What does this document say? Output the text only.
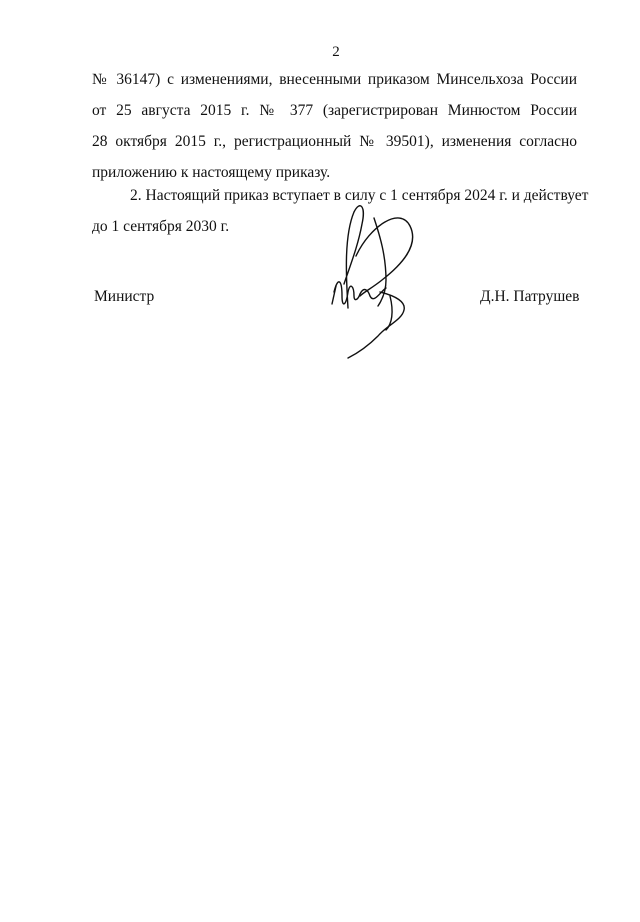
2
№ 36147) с изменениями, внесенными приказом Минсельхоза России
от 25 августа 2015 г. № 377 (зарегистрирован Минюстом России
28 октября 2015 г., регистрационный № 39501), изменения согласно
приложению к настоящему приказу.
2. Настоящий приказ вступает в силу с 1 сентября 2024 г. и действует
до 1 сентября 2030 г.
Министр	Д.Н. Патрушев
